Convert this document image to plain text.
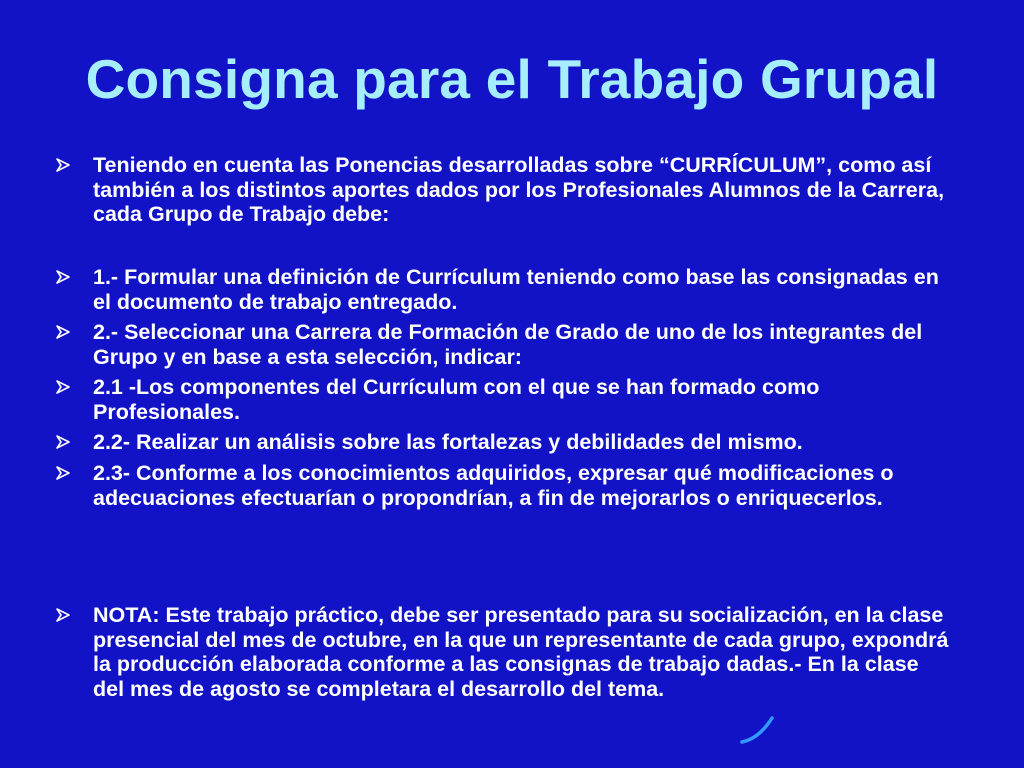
Consigna para el Trabajo Grupal
Teniendo en cuenta las Ponencias desarrolladas sobre “CURRÍCULUM”, como así también a los distintos aportes dados por los Profesionales Alumnos de la Carrera, cada Grupo de Trabajo debe:
1.- Formular una definición de Currículum teniendo como base las consignadas en el documento de trabajo entregado.
2.- Seleccionar una Carrera de Formación de Grado de uno de los integrantes del Grupo y en base a esta selección, indicar:
2.1 -Los componentes del Currículum con el que se han formado como Profesionales.
2.2- Realizar un análisis sobre las fortalezas y debilidades del mismo.
2.3- Conforme a los conocimientos adquiridos, expresar qué modificaciones o adecuaciones efectuarían o propondrían, a fin de mejorarlos o enriquecerlos.
NOTA: Este trabajo práctico, debe ser presentado para su socialización, en la clase presencial del mes de octubre, en la que un representante de cada grupo, expondrá la producción elaborada conforme a las consignas de trabajo dadas.- En la clase del mes de agosto se completara el desarrollo del tema.
